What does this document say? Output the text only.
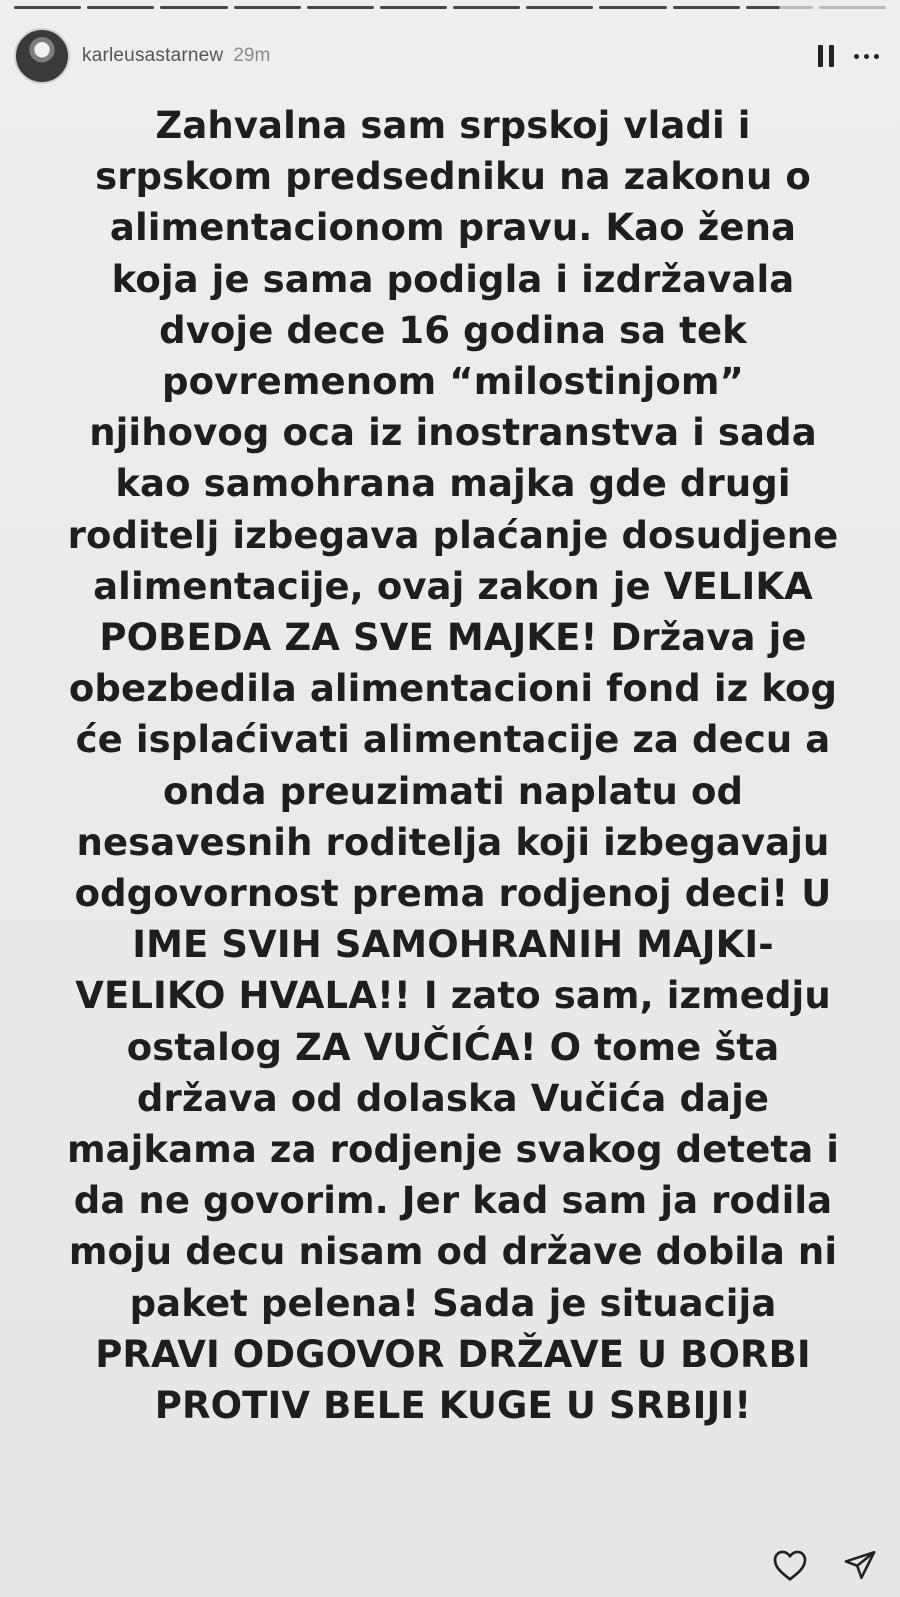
karleusastarnew 29m
Zahvalna sam srpskoj vladi i
srpskom predsedniku na zakonu o
alimentacionom pravu. Kao žena
koja je sama podigla i izdržavala
dvoje dece 16 godina sa tek
povremenom “milostinjom”
njihovog oca iz inostranstva i sada
kao samohrana majka gde drugi
roditelj izbegava plaćanje dosudjene
alimentacije, ovaj zakon je VELIKA
POBEDA ZA SVE MAJKE! Država je
obezbedila alimentacioni fond iz kog
će isplaćivati alimentacije za decu a
onda preuzimati naplatu od
nesavesnih roditelja koji izbegavaju
odgovornost prema rodjenoj deci! U
IME SVIH SAMOHRANIH MAJKI-
VELIKO HVALA!! I zato sam, izmedju
ostalog ZA VUČIĆA! O tome šta
država od dolaska Vučića daje
majkama za rodjenje svakog deteta i
da ne govorim. Jer kad sam ja rodila
moju decu nisam od države dobila ni
paket pelena! Sada je situacija
PRAVI ODGOVOR DRŽAVE U BORBI
PROTIV BELE KUGE U SRBIJI!
